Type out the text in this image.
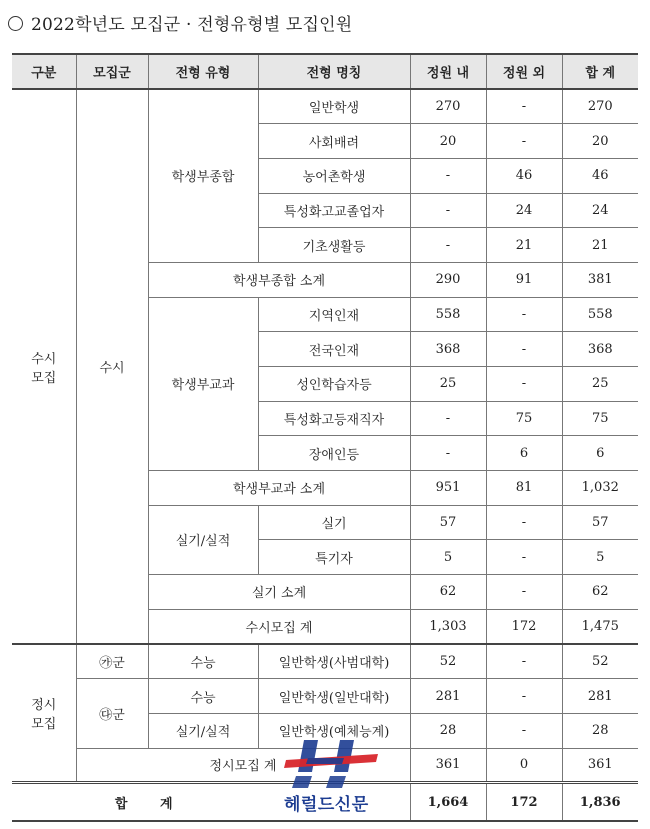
2022학년도 모집군 · 전형유형별 모집인원
구분	모집군	전형 유형	전형 명칭	정원 내	정원 외	합 계
수시
모집	수시	학생부종합	일반학생	270	-	270
			사회배려	20	-	20
			농어촌학생	-	46	46
			특성화고교졸업자	-	24	24
			기초생활등	-	21	21
		학생부종합 소계		290	91	381
		학생부교과	지역인재	558	-	558
			전국인재	368	-	368
			성인학습자등	25	-	25
			특성화고등재직자	-	75	75
			장애인등	-	6	6
		학생부교과 소계		951	81	1,032
		실기/실적	실기	57	-	57
			특기자	5	-	5
		실기 소계		62	-	62
		수시모집 계		1,303	172	1,475
정시
모집	㉮군	수능	일반학생(사범대학)	52	-	52
	㉰군	수능	일반학생(일반대학)	281	-	281
		실기/실적	일반학생(예체능계)	28	-	28
	정시모집 계			361	0	361
합 계				1,664	172	1,836
헤럴드신문
